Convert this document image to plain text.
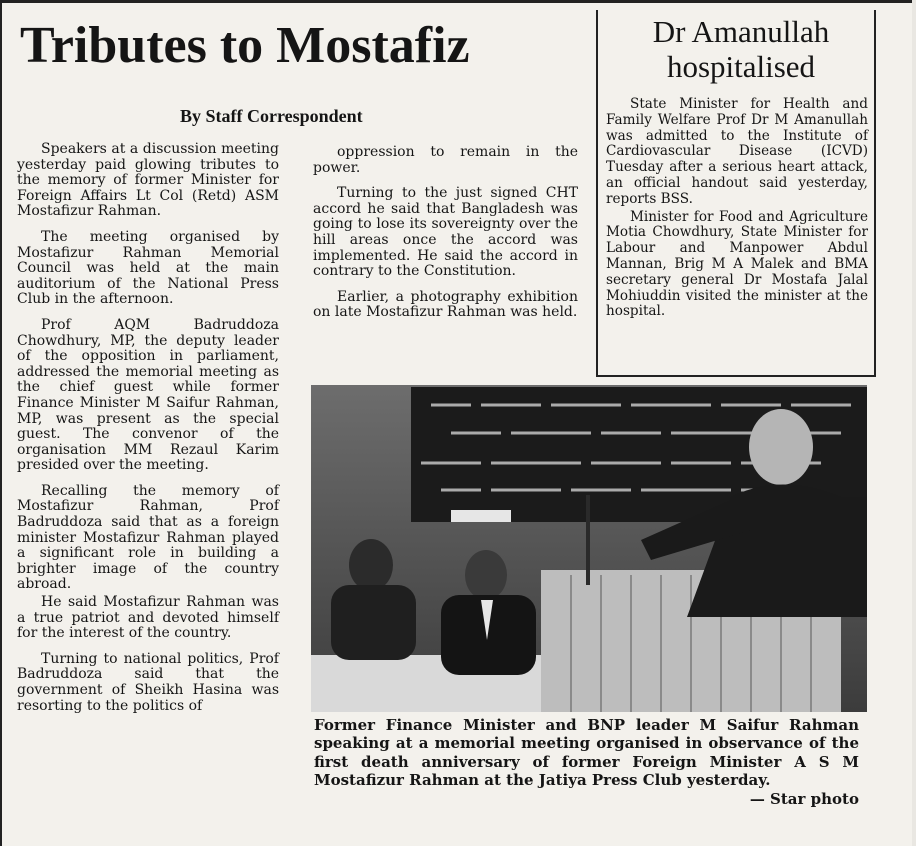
Tributes to Mostafiz
By Staff Correspondent

Speakers at a discussion meeting yesterday paid glowing tributes to the memory of former Minister for Foreign Affairs Lt Col (Retd) ASM Mostafizur Rahman.

The meeting organised by Mostafizur Rahman Memorial Council was held at the main auditorium of the National Press Club in the afternoon.

Prof AQM Badruddoza Chowdhury, MP, the deputy leader of the opposition in parliament, addressed the memorial meeting as the chief guest while former Finance Minister M Saifur Rahman, MP, was present as the special guest. The convenor of the organisation MM Rezaul Karim presided over the meeting.

Recalling the memory of Mostafizur Rahman, Prof Badruddoza said that as a foreign minister Mostafizur Rahman played a significant role in building a brighter image of the country abroad.

He said Mostafizur Rahman was a true patriot and devoted himself for the interest of the country.

Turning to national politics, Prof Badruddoza said that the government of Sheikh Hasina was resorting to the politics of

oppression to remain in the power.

Turning to the just signed CHT accord he said that Bangladesh was going to lose its sovereignty over the hill areas once the accord was implemented. He said the accord in contrary to the Constitution.

Earlier, a photography exhibition on late Mostafizur Rahman was held.

Dr Amanullah
hospitalised

State Minister for Health and Family Welfare Prof Dr M Amanullah was admitted to the Institute of Cardiovascular Disease (ICVD) Tuesday after a serious heart attack, an official handout said yesterday, reports BSS.

Minister for Food and Agriculture Motia Chowdhury, State Minister for Labour and Manpower Abdul Mannan, Brig M A Malek and BMA secretary general Dr Mostafa Jalal Mohiuddin visited the minister at the hospital.

Former Finance Minister and BNP leader M Saifur Rahman speaking at a memorial meeting organised in observance of the first death anniversary of former Foreign Minister A S M Mostafizur Rahman at the Jatiya Press Club yesterday.
— Star photo
